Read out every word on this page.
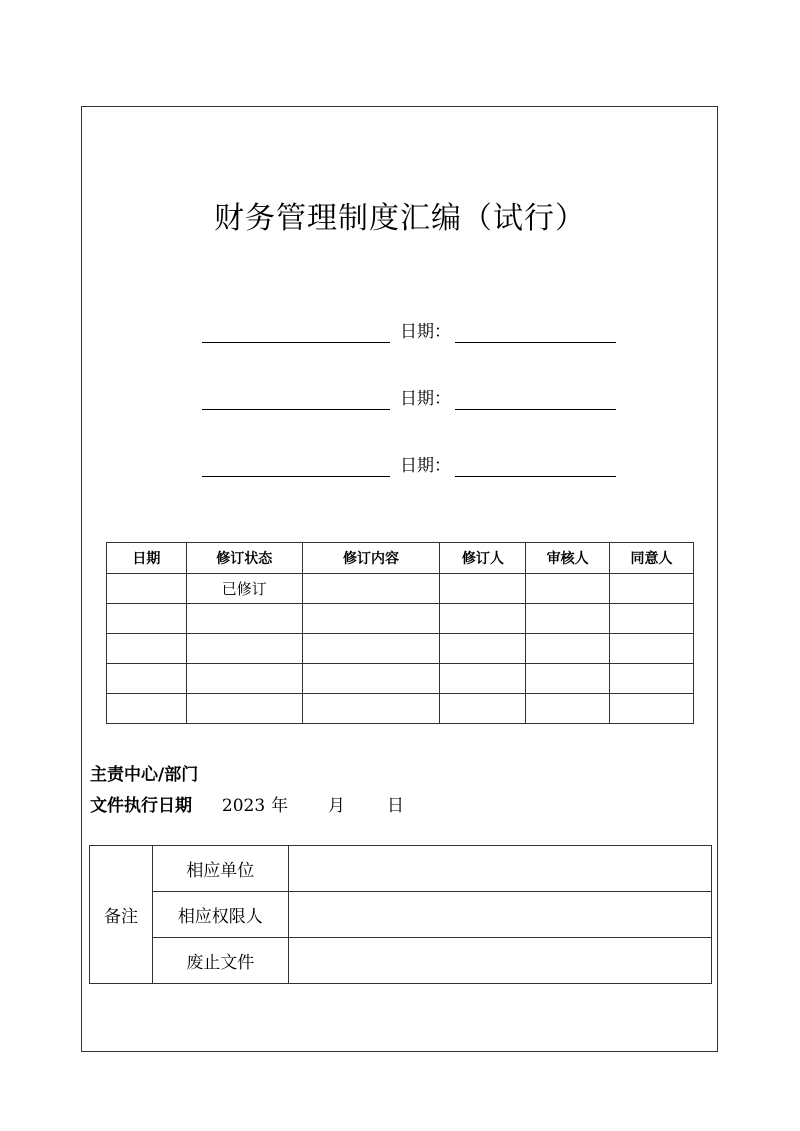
财务管理制度汇编（试行）
日期：
日期：
日期：
日期	修订状态	修订内容	修订人	审核人	同意人
	已修订				

主责中心/部门
文件执行日期 2023 年 月 日
备注	相应单位	
	相应权限人	
	废止文件	
